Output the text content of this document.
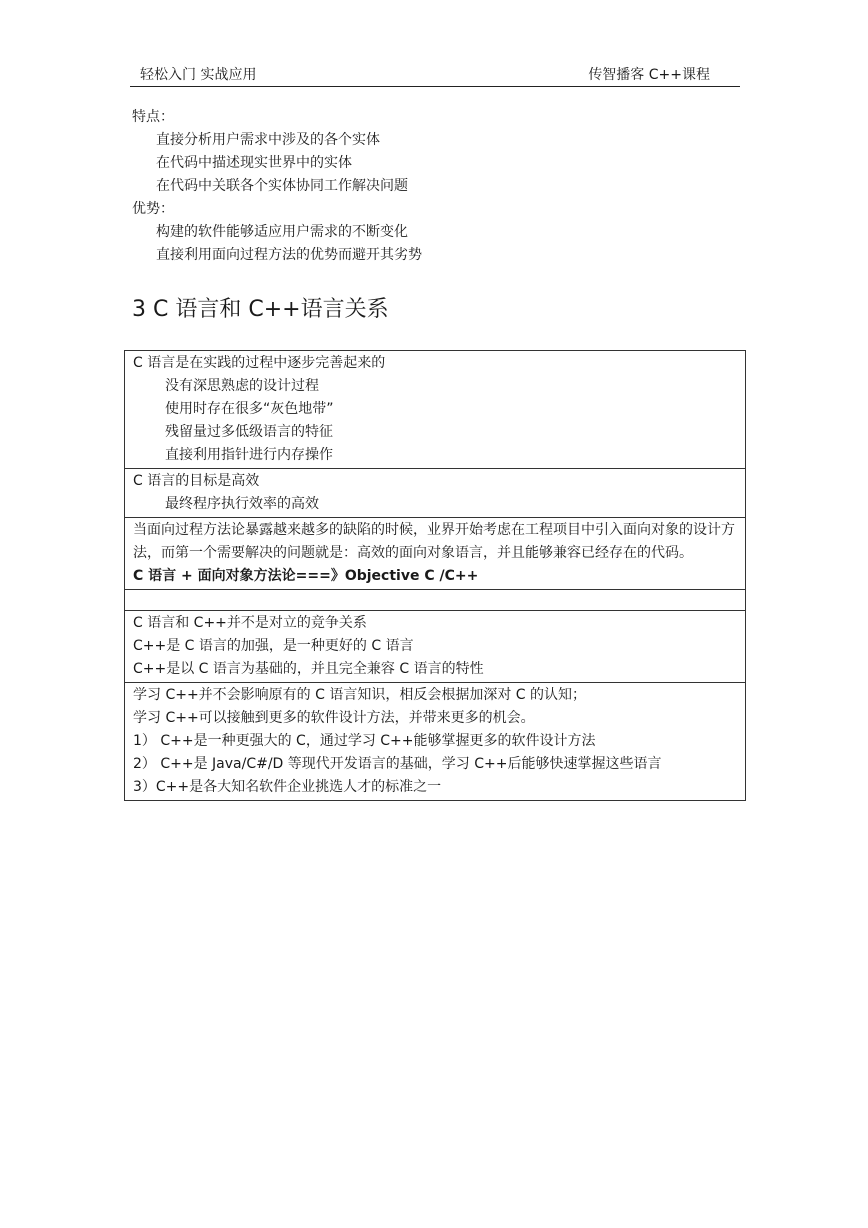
轻松入门 实战应用	传智播客 C++课程
特点：
直接分析用户需求中涉及的各个实体
在代码中描述现实世界中的实体
在代码中关联各个实体协同工作解决问题
优势：
构建的软件能够适应用户需求的不断变化
直接利用面向过程方法的优势而避开其劣势
3 C 语言和 C++语言关系
C 语言是在实践的过程中逐步完善起来的
没有深思熟虑的设计过程
使用时存在很多“灰色地带”
残留量过多低级语言的特征
直接利用指针进行内存操作

C 语言的目标是高效
最终程序执行效率的高效

当面向过程方法论暴露越来越多的缺陷的时候，业界开始考虑在工程项目中引入面向对象的设计方法，而第一个需要解决的问题就是：高效的面向对象语言，并且能够兼容已经存在的代码。
C 语言 + 面向对象方法论===》Objective C /C++

C 语言和 C++并不是对立的竞争关系
C++是 C 语言的加强，是一种更好的 C 语言
C++是以 C 语言为基础的，并且完全兼容 C 语言的特性

学习 C++并不会影响原有的 C 语言知识，相反会根据加深对 C 的认知；
学习 C++可以接触到更多的软件设计方法，并带来更多的机会。
1） C++是一种更强大的 C，通过学习 C++能够掌握更多的软件设计方法
2） C++是 Java/C#/D 等现代开发语言的基础，学习 C++后能够快速掌握这些语言
3）C++是各大知名软件企业挑选人才的标准之一
